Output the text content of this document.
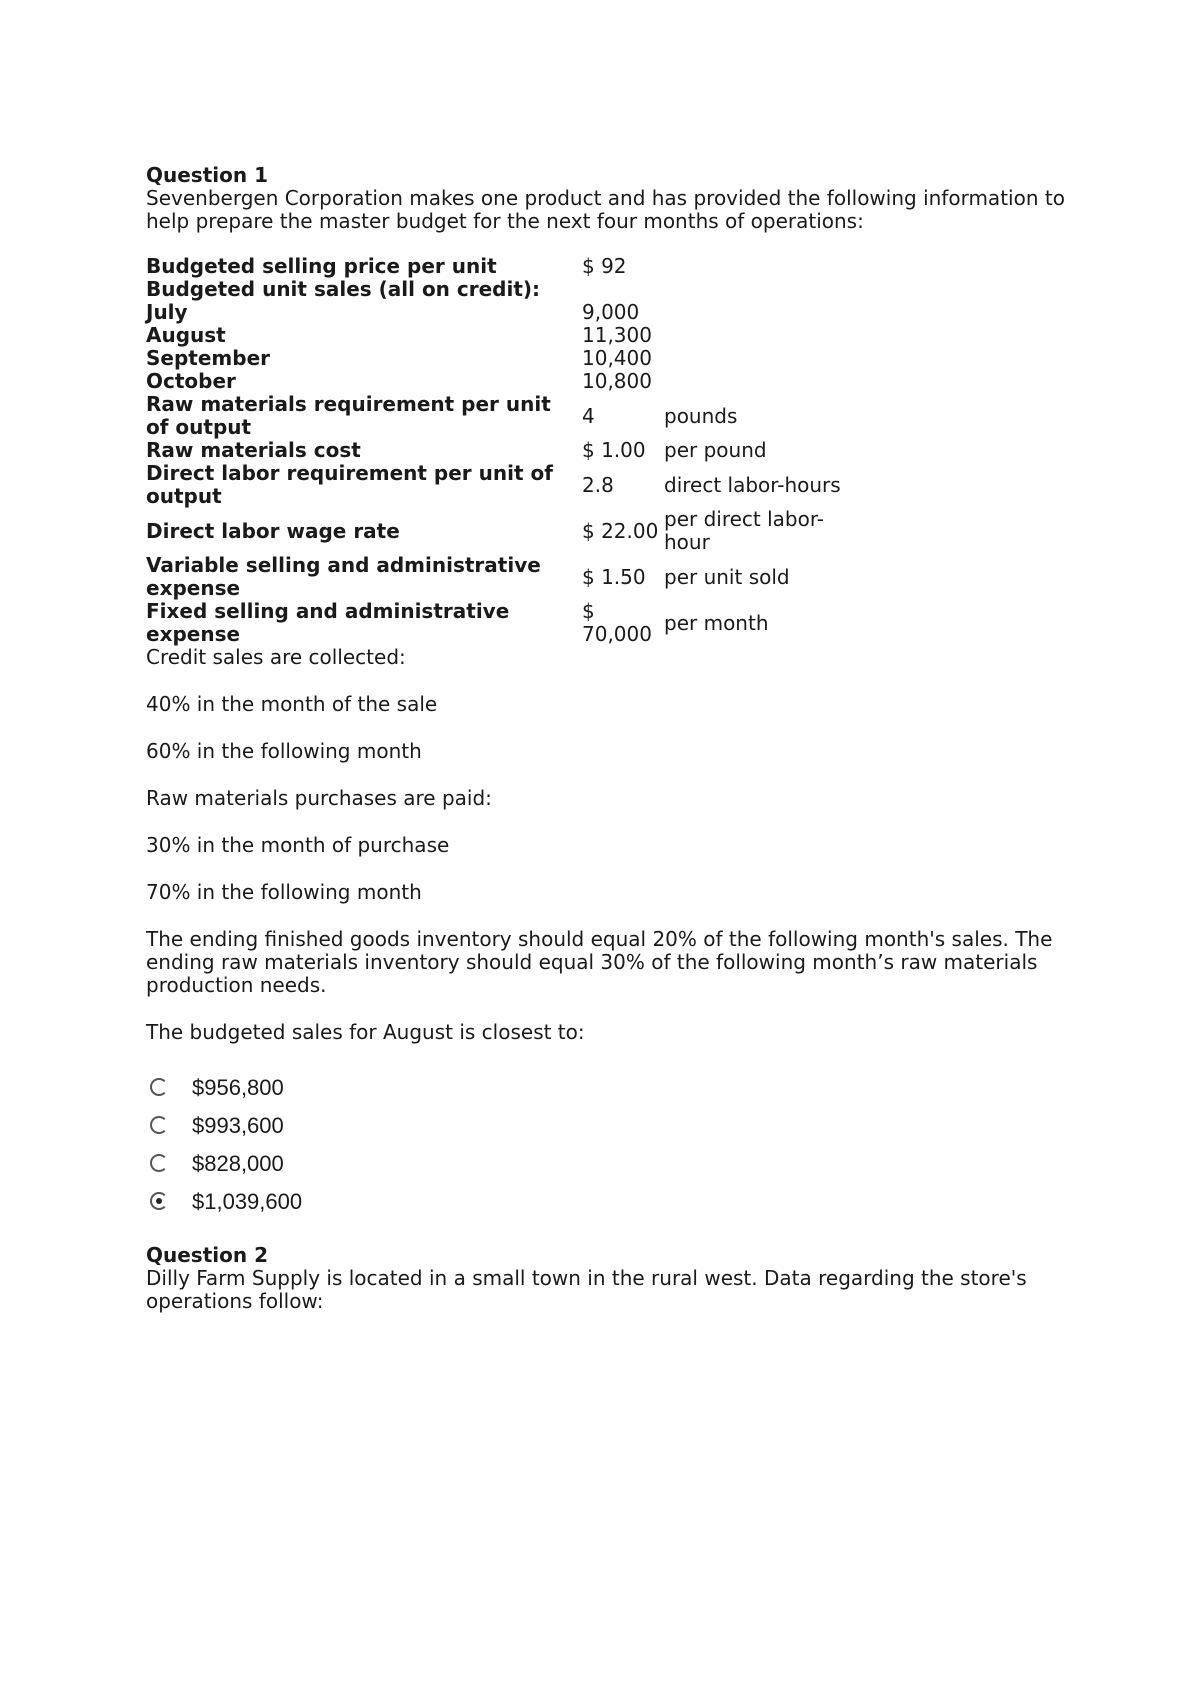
Question 1

Sevenbergen Corporation makes one product and has provided the following information to help prepare the master budget for the next four months of operations:

Budgeted selling price per unit	$ 92	
Budgeted unit sales (all on credit):		
July	9,000	
August	11,300	
September	10,400	
October	10,800	
Raw materials requirement per unit of output	4	pounds
Raw materials cost	$ 1.00	per pound
Direct labor requirement per unit of output	2.8	direct labor-hours
Direct labor wage rate	$ 22.00	per direct labor-hour
Variable selling and administrative expense	$ 1.50	per unit sold
Fixed selling and administrative expense	$ 70,000	per month

Credit sales are collected:

40% in the month of the sale

60% in the following month

Raw materials purchases are paid:

30% in the month of purchase

70% in the following month

The ending finished goods inventory should equal 20% of the following month's sales. The ending raw materials inventory should equal 30% of the following month’s raw materials production needs.

The budgeted sales for August is closest to:

$956,800
$993,600
$828,000
$1,039,600

Question 2

Dilly Farm Supply is located in a small town in the rural west. Data regarding the store's operations follow:
